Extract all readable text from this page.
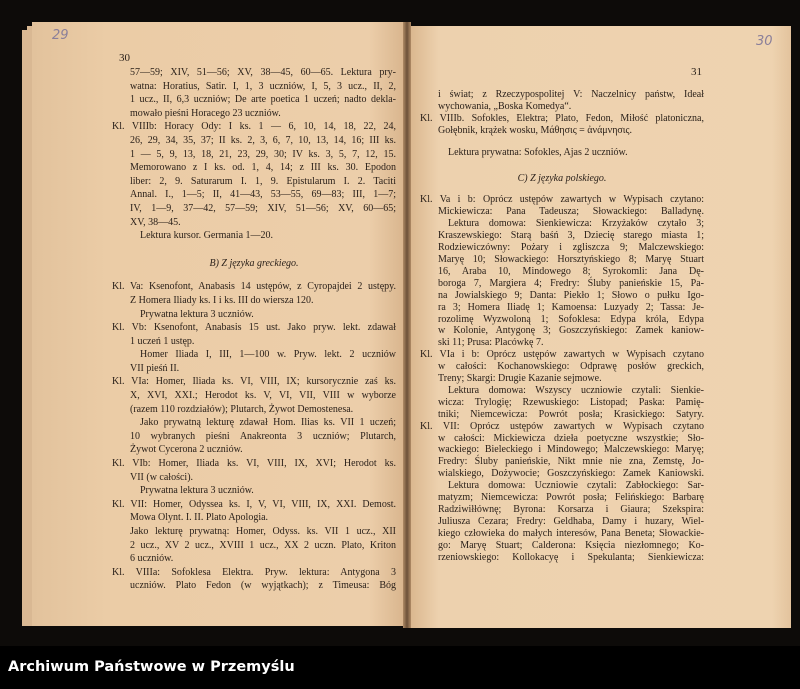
29	30
30
31
57—59; XIV, 51—56; XV, 38—45, 60—65. Lektura pry-
watna: Horatius, Satir. I, 1, 3 uczniów, I, 5, 3 ucz., II, 2,
1 ucz., II, 6,3 uczniów; De arte poetica 1 uczeń; nadto dekla-
mowało pieśni Horacego 23 uczniów.
Kl. VIIIb: Horacy Ody: I ks. 1 — 6, 10, 14, 18, 22, 24,
26, 29, 34, 35, 37; II ks. 2, 3, 6, 7, 10, 13, 14, 16; III ks.
1 — 5, 9, 13, 18, 21, 23, 29, 30; IV ks. 3, 5, 7, 12, 15.
Memorowano z I ks. od. 1, 4, 14; z III ks. 30. Epodon
liber: 2, 9. Saturarum I. 1, 9. Epistularum I. 2. Taciti
Annal. I., 1—5; II, 41—43, 53—55, 69—83; III, 1—7;
IV, 1—9, 37—42, 57—59; XIV, 51—56; XV, 60—65;
XV, 38—45.
Lektura kursor. Germania 1—20.
B) Z języka greckiego.
Kl. Va: Ksenofont, Anabasis 14 ustępów, z Cyropajdei 2 ustępy.
Z Homera Iliady ks. I i ks. III do wiersza 120.
Prywatna lektura 3 uczniów.
Kl. Vb: Ksenofont, Anabasis 15 ust. Jako pryw. lekt. zdawał
1 uczeń 1 ustęp.
Homer Iliada I, III, 1—100 w. Pryw. lekt. 2 uczniów
VII pieśń II.
Kl. VIa: Homer, Iliada ks. VI, VIII, IX; kursorycznie zaś ks.
X, XVI, XXI.; Herodot ks. V, VI, VII, VIII w wyborze
(razem 110 rozdziałów); Plutarch, Żywot Demostenesa.
Jako prywatną lekturę zdawał Hom. Ilias ks. VII 1 uczeń;
10 wybranych pieśni Anakreonta 3 uczniów; Plutarch,
Żywot Cycerona 2 uczniów.
Kl. VIb: Homer, Iliada ks. VI, VIII, IX, XVI; Herodot ks.
VII (w całości).
Prywatna lektura 3 uczniów.
Kl. VII: Homer, Odyssea ks. I, V, VI, VIII, IX, XXI. Demost.
Mowa Olynt. I. II. Plato Apologia.
Jako lekturę prywatną: Homer, Odyss. ks. VII 1 ucz., XII
2 ucz., XV 2 ucz., XVIII 1 ucz., XX 2 uczn. Plato, Kriton
6 uczniów.
Kl. VIIIa: Sofoklesa Elektra. Pryw. lektura: Antygona 3
uczniów. Plato Fedon (w wyjątkach); z Timeusa: Bóg
i świat; z Rzeczypospolitej V: Naczelnicy państw, Ideał
wychowania, „Boska Komedya“.
Kl. VIIIb. Sofokles, Elektra; Plato, Fedon, Miłość platoniczna,
Gołębnik, krążek wosku, Μάθησις = ἀνάμνησις.
Lektura prywatna: Sofokles, Ajas 2 uczniów.
C) Z języka polskiego.
Kl. Va i b: Oprócz ustępów zawartych w Wypisach czytano:
Mickiewicza: Pana Tadeusza; Słowackiego: Balladynę.
Lektura domowa: Sienkiewicza: Krzyżaków czytało 3;
Kraszewskiego: Starą baśń 3, Dziecię starego miasta 1;
Rodziewiczówny: Pożary i zgliszcza 9; Malczewskiego:
Maryę 10; Słowackiego: Horsztyńskiego 8; Maryę Stuart
16, Araba 10, Mindowego 8; Syrokomli: Jana Dę-
boroga 7, Margiera 4; Fredry: Śluby panieńskie 15, Pa-
na Jowialskiego 9; Danta: Piekło 1; Słowo o pułku Igo-
ra 3; Homera Iliadę 1; Kamoensa: Luzyady 2; Tassa: Je-
rozolimę Wyzwoloną 1; Sofoklesa: Edypa króla, Edypa
w Kolonie, Antygonę 3; Goszczyńskiego: Zamek kaniow-
ski 11; Prusa: Placówkę 7.
Kl. VIa i b: Oprócz ustępów zawartych w Wypisach czytano
w całości: Kochanowskiego: Odprawę posłów greckich,
Treny; Skargi: Drugie Kazanie sejmowe.
Lektura domowa: Wszyscy uczniowie czytali: Sienkie-
wicza: Trylogię; Rzewuskiego: Listopad; Paska: Pamię-
tniki; Niemcewicza: Powrót posła; Krasickiego: Satyry.
Kl. VII: Oprócz ustępów zawartych w Wypisach czytano
w całości: Mickiewicza dzieła poetyczne wszystkie; Sło-
wackiego: Bieleckiego i Mindowego; Malczewskiego: Maryę;
Fredry: Śluby panieńskie, Nikt mnie nie zna, Zemstę, Jo-
wialskiego, Dożywocie; Goszczyńskiego: Zamek Kaniowski.
Lektura domowa: Uczniowie czytali: Zabłockiego: Sar-
matyzm; Niemcewicza: Powrót posła; Felińskiego: Barbarę
Radziwiłłównę; Byrona: Korsarza i Giaura; Szekspira:
Juliusza Cezara; Fredry: Geldhaba, Damy i huzary, Wiel-
kiego człowieka do małych interesów, Pana Beneta; Słowackie-
go: Maryę Stuart; Calderona: Księcia niezłomnego; Ko-
rzeniowskiego: Kollokacyę i Spekulanta; Sienkiewicza:
Archiwum Państwowe w Przemyślu
